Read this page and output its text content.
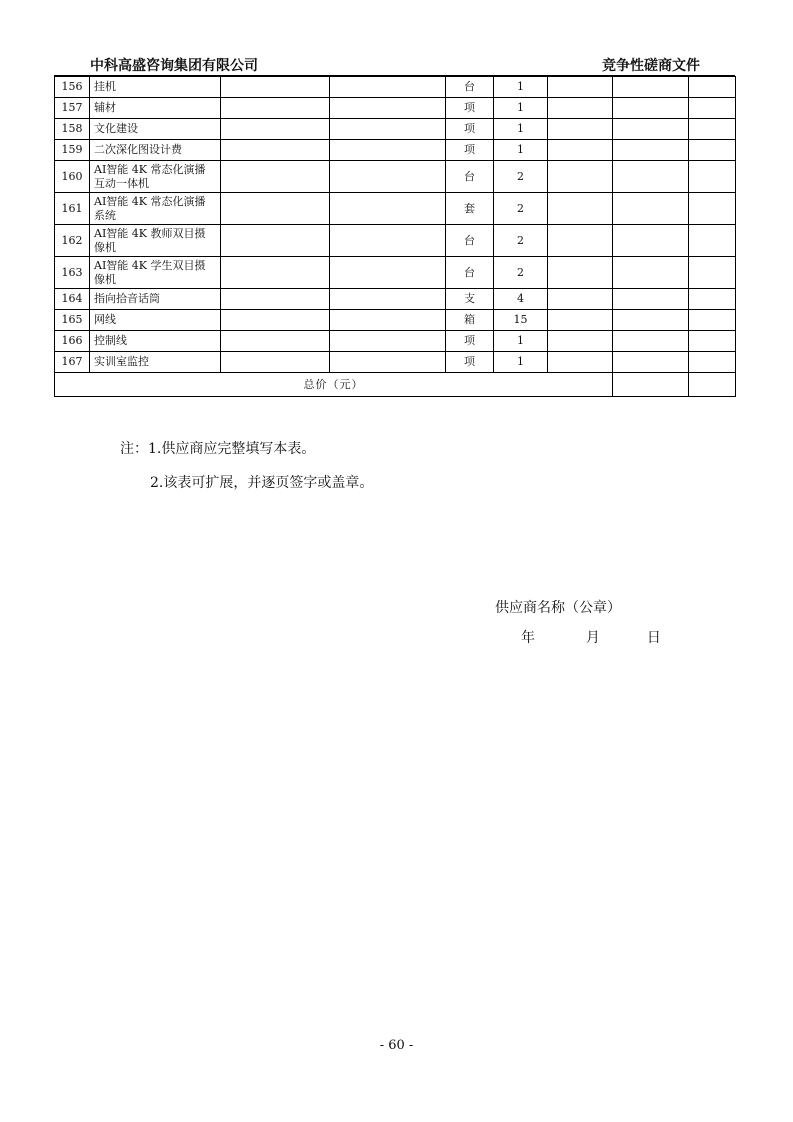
中科高盛咨询集团有限公司	竞争性磋商文件
156	挂机			台	1			
157	辅材			项	1			
158	文化建设			项	1			
159	二次深化图设计费			项	1			
160	AI智能 4K 常态化演播
互动一体机			台	2			
161	AI智能 4K 常态化演播
系统			套	2			
162	AI智能 4K 教师双目摄
像机			台	2			
163	AI智能 4K 学生双目摄
像机			台	2			
164	指向拾音话筒			支	4			
165	网线			箱	15			
166	控制线			项	1			
167	实训室监控			项	1			
总价（元）								
注：1.供应商应完整填写本表。
2.该表可扩展，并逐页签字或盖章。
供应商名称（公章）
年	月	日
- 60 -
